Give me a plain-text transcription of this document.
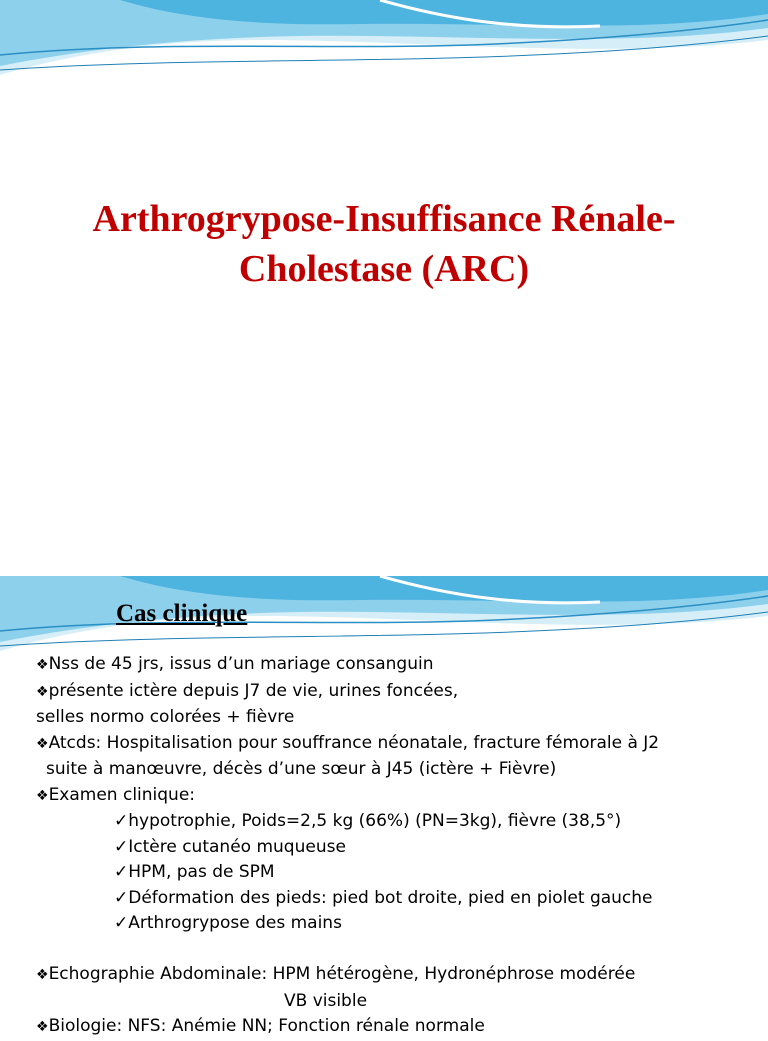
Arthrogrypose-Insuffisance Rénale-
Cholestase (ARC)
Cas clinique
❖Nss de 45 jrs, issus d’un mariage consanguin
❖présente ictère depuis J7 de vie, urines foncées,
selles normo colorées + fièvre
❖Atcds: Hospitalisation pour souffrance néonatale, fracture fémorale à J2
suite à manœuvre, décès d’une sœur à J45 (ictère + Fièvre)
❖Examen clinique:
✓hypotrophie, Poids=2,5 kg (66%) (PN=3kg), fièvre (38,5°)
✓Ictère cutanéo muqueuse
✓HPM, pas de SPM
✓Déformation des pieds: pied bot droite, pied en piolet gauche
✓Arthrogrypose des mains
❖Echographie Abdominale: HPM hétérogène, Hydronéphrose modérée
VB visible
❖Biologie: NFS: Anémie NN; Fonction rénale normale
